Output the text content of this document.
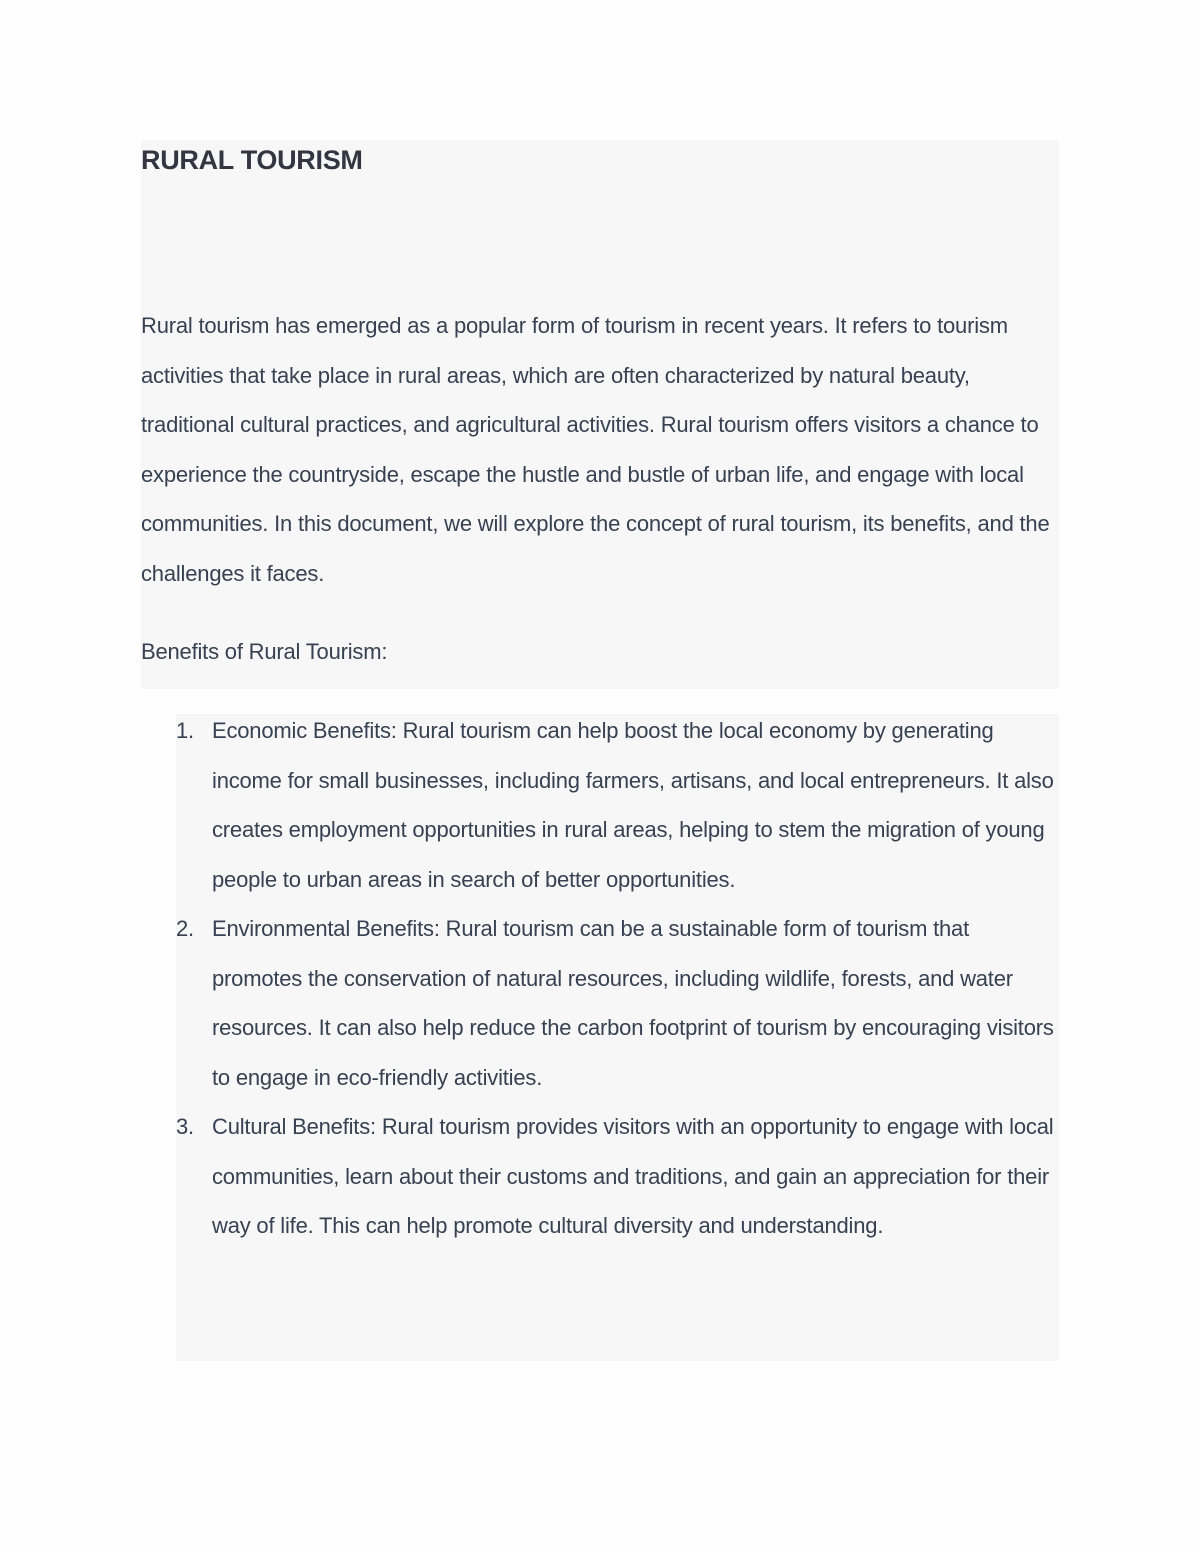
RURAL TOURISM

Rural tourism has emerged as a popular form of tourism in recent years. It refers to tourism activities that take place in rural areas, which are often characterized by natural beauty, traditional cultural practices, and agricultural activities. Rural tourism offers visitors a chance to experience the countryside, escape the hustle and bustle of urban life, and engage with local communities. In this document, we will explore the concept of rural tourism, its benefits, and the challenges it faces.

Benefits of Rural Tourism:

1. Economic Benefits: Rural tourism can help boost the local economy by generating income for small businesses, including farmers, artisans, and local entrepreneurs. It also creates employment opportunities in rural areas, helping to stem the migration of young people to urban areas in search of better opportunities.
2. Environmental Benefits: Rural tourism can be a sustainable form of tourism that promotes the conservation of natural resources, including wildlife, forests, and water resources. It can also help reduce the carbon footprint of tourism by encouraging visitors to engage in eco-friendly activities.
3. Cultural Benefits: Rural tourism provides visitors with an opportunity to engage with local communities, learn about their customs and traditions, and gain an appreciation for their way of life. This can help promote cultural diversity and understanding.
